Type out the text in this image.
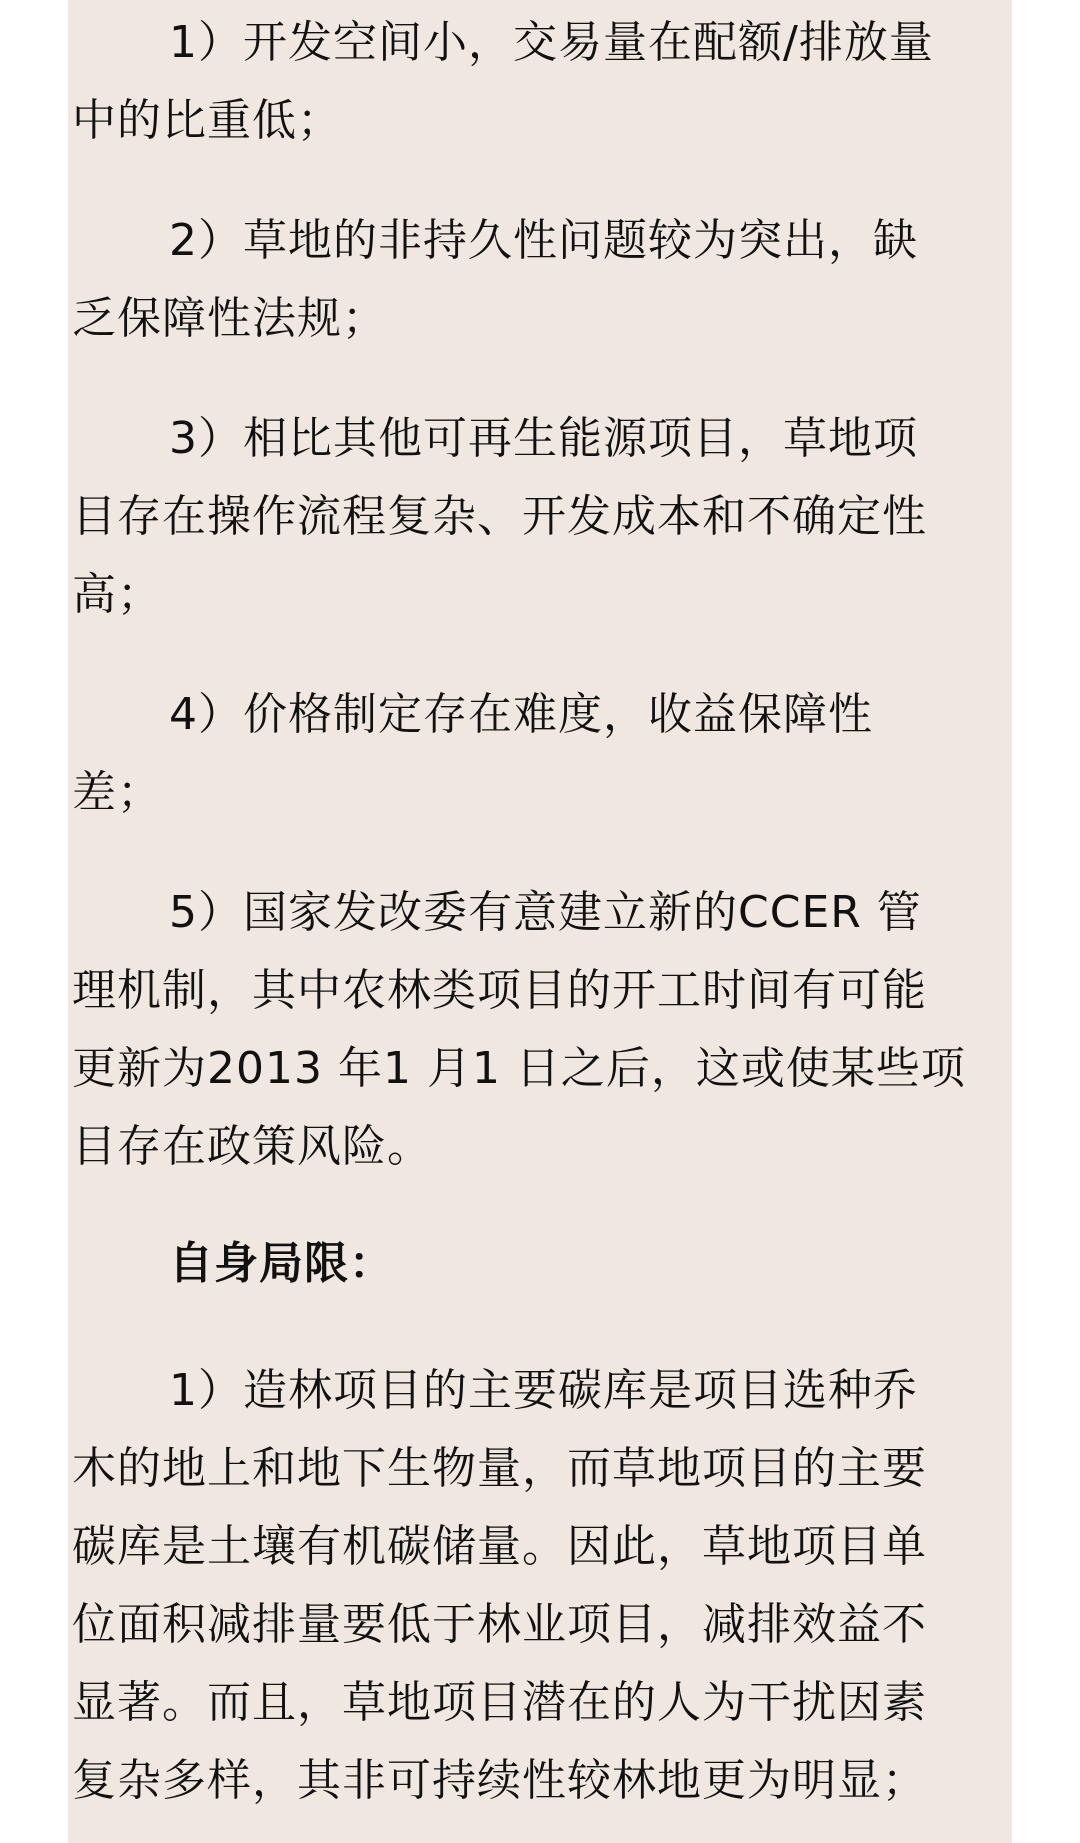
1）开发空间小，交易量在配额/排放量
中的比重低；
2）草地的非持久性问题较为突出，缺
乏保障性法规；
3）相比其他可再生能源项目，草地项
目存在操作流程复杂、开发成本和不确定性
高；
4）价格制定存在难度，收益保障性
差；
5）国家发改委有意建立新的CCER 管
理机制，其中农林类项目的开工时间有可能
更新为2013 年1 月1 日之后，这或使某些项
目存在政策风险。
自身局限：
1）造林项目的主要碳库是项目选种乔
木的地上和地下生物量，而草地项目的主要
碳库是土壤有机碳储量。因此，草地项目单
位面积减排量要低于林业项目，减排效益不
显著。而且，草地项目潜在的人为干扰因素
复杂多样，其非可持续性较林地更为明显；
